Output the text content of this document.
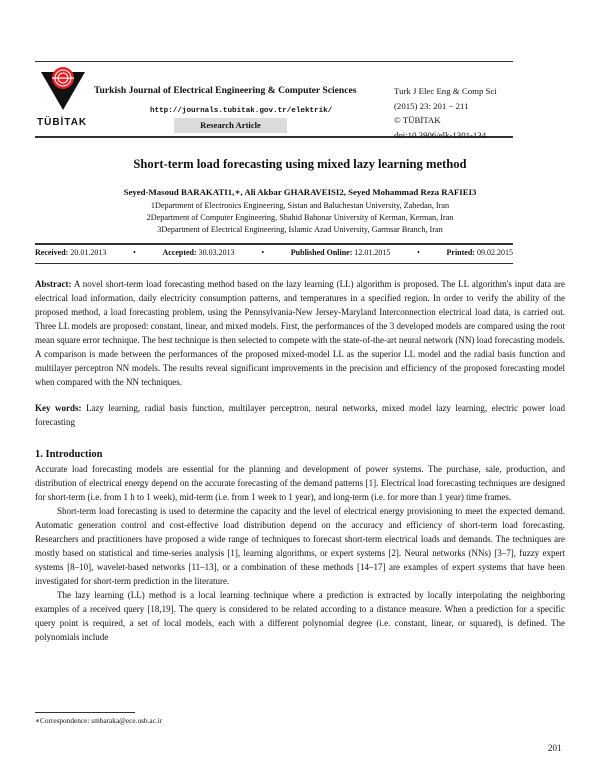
TÜBİTAK
Turkish Journal of Electrical Engineering & Computer Sciences
http://journals.tubitak.gov.tr/elektrik/
Research Article
Turk J Elec Eng & Comp Sci
(2015) 23: 201 − 211
© TÜBİTAK
doi:10.3906/elk-1301-134
Short-term load forecasting using mixed lazy learning method
Seyed-Masoud BARAKATI1,∗, Ali Akbar GHARAVEISI2, Seyed Mohammad Reza RAFIEI3
1Department of Electronics Engineering, Sistan and Baluchestan University, Zahedan, Iran
2Department of Computer Engineering, Shahid Bahonar University of Kerman, Kerman, Iran
3Department of Electrical Engineering, Islamic Azad University, Garmsar Branch, Iran
Received: 20.01.2013	•	Accepted: 30.03.2013	•	Published Online: 12.01.2015	•	Printed: 09.02.2015

Abstract: A novel short-term load forecasting method based on the lazy learning (LL) algorithm is proposed. The LL algorithm's input data are electrical load information, daily electricity consumption patterns, and temperatures in a specified region. In order to verify the ability of the proposed method, a load forecasting problem, using the Pennsylvania-New Jersey-Maryland Interconnection electrical load data, is carried out. Three LL models are proposed: constant, linear, and mixed models. First, the performances of the 3 developed models are compared using the root mean square error technique. The best technique is then selected to compete with the state-of-the-art neural network (NN) load forecasting models. A comparison is made between the performances of the proposed mixed-model LL as the superior LL model and the radial basis function and multilayer perceptron NN models. The results reveal significant improvements in the precision and efficiency of the proposed forecasting model when compared with the NN techniques.

Key words: Lazy learning, radial basis function, multilayer perceptron, neural networks, mixed model lazy learning, electric power load forecasting

1. Introduction

Accurate load forecasting models are essential for the planning and development of power systems. The purchase, sale, production, and distribution of electrical energy depend on the accurate forecasting of the demand patterns [1]. Electrical load forecasting techniques are designed for short-term (i.e. from 1 h to 1 week), mid-term (i.e. from 1 week to 1 year), and long-term (i.e. for more than 1 year) time frames.

Short-term load forecasting is used to determine the capacity and the level of electrical energy provisioning to meet the expected demand. Automatic generation control and cost-effective load distribution depend on the accuracy and efficiency of short-term load forecasting. Researchers and practitioners have proposed a wide range of techniques to forecast short-term electrical loads and demands. The techniques are mostly based on statistical and time-series analysis [1], learning algorithms, or expert systems [2]. Neural networks (NNs) [3–7], fuzzy expert systems [8–10], wavelet-based networks [11–13], or a combination of these methods [14–17] are examples of expert systems that have been investigated for short-term prediction in the literature.

The lazy learning (LL) method is a local learning technique where a prediction is extracted by locally interpolating the neighboring examples of a received query [18,19]. The query is considered to be related according to a distance measure. When a prediction for a specific query point is required, a set of local models, each with a different polynomial degree (i.e. constant, linear, or squared), is defined. The polynomials include

∗Correspondence: smbaraka@ece.usb.ac.ir
201
